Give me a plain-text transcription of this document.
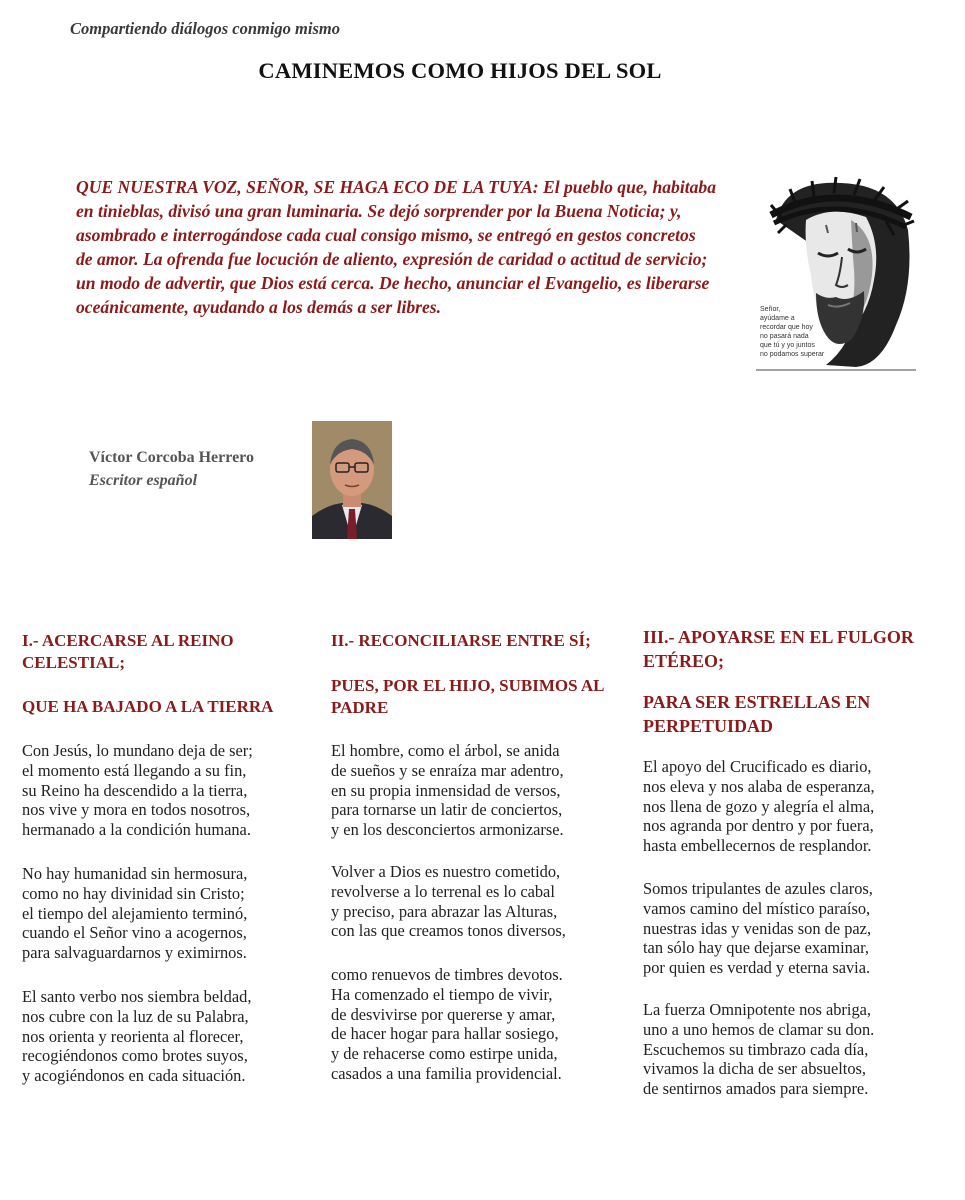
Compartiendo diálogos conmigo mismo
CAMINEMOS COMO HIJOS DEL SOL

QUE NUESTRA VOZ, SEÑOR, SE HAGA ECO DE LA TUYA: El pueblo que, habitaba en tinieblas, divisó una gran luminaria. Se dejó sorprender por la Buena Noticia; y, asombrado e interrogándose cada cual consigo mismo, se entregó en gestos concretos de amor. La ofrenda fue locución de aliento, expresión de caridad o actitud de servicio; un modo de advertir, que Dios está cerca. De hecho, anunciar el Evangelio, es liberarse oceánicamente, ayudando a los demás a ser libres.	Señor,
ayúdame a
recordar que hoy
no pasará nada
que tú y yo juntos
no podamos superar
Víctor Corcoba Herrero
Escritor español
I.- ACERCARSE AL REINO CELESTIAL;
QUE HA BAJADO A LA TIERRA

Con Jesús, lo mundano deja de ser;
el momento está llegando a su fin,
su Reino ha descendido a la tierra,
nos vive y mora en todos nosotros,
hermanado a la condición humana.

No hay humanidad sin hermosura,
como no hay divinidad sin Cristo;
el tiempo del alejamiento terminó,
cuando el Señor vino a acogernos,
para salvaguardarnos y eximirnos.

El santo verbo nos siembra beldad,
nos cubre con la luz de su Palabra,
nos orienta y reorienta al florecer,
recogiéndonos como brotes suyos,
y acogiéndonos en cada situación.

II.- RECONCILIARSE ENTRE SÍ;
PUES, POR EL HIJO, SUBIMOS AL PADRE

El hombre, como el árbol, se anida
de sueños y se enraíza mar adentro,
en su propia inmensidad de versos,
para tornarse un latir de conciertos,
y en los desconciertos armonizarse.

Volver a Dios es nuestro cometido,
revolverse a lo terrenal es lo cabal
y preciso, para abrazar las Alturas,
con las que creamos tonos diversos,

como renuevos de timbres devotos.
Ha comenzado el tiempo de vivir,
de desvivirse por quererse y amar,
de hacer hogar para hallar sosiego,
y de rehacerse como estirpe unida,
casados a una familia providencial.

III.- APOYARSE EN EL FULGOR ETÉREO;
PARA SER ESTRELLAS EN PERPETUIDAD

El apoyo del Crucificado es diario,
nos eleva y nos alaba de esperanza,
nos llena de gozo y alegría el alma,
nos agranda por dentro y por fuera,
hasta embellecernos de resplandor.

Somos tripulantes de azules claros,
vamos camino del místico paraíso,
nuestras idas y venidas son de paz,
tan sólo hay que dejarse examinar,
por quien es verdad y eterna savia.

La fuerza Omnipotente nos abriga,
uno a uno hemos de clamar su don.
Escuchemos su timbrazo cada día,
vivamos la dicha de ser absueltos,
de sentirnos amados para siempre.
